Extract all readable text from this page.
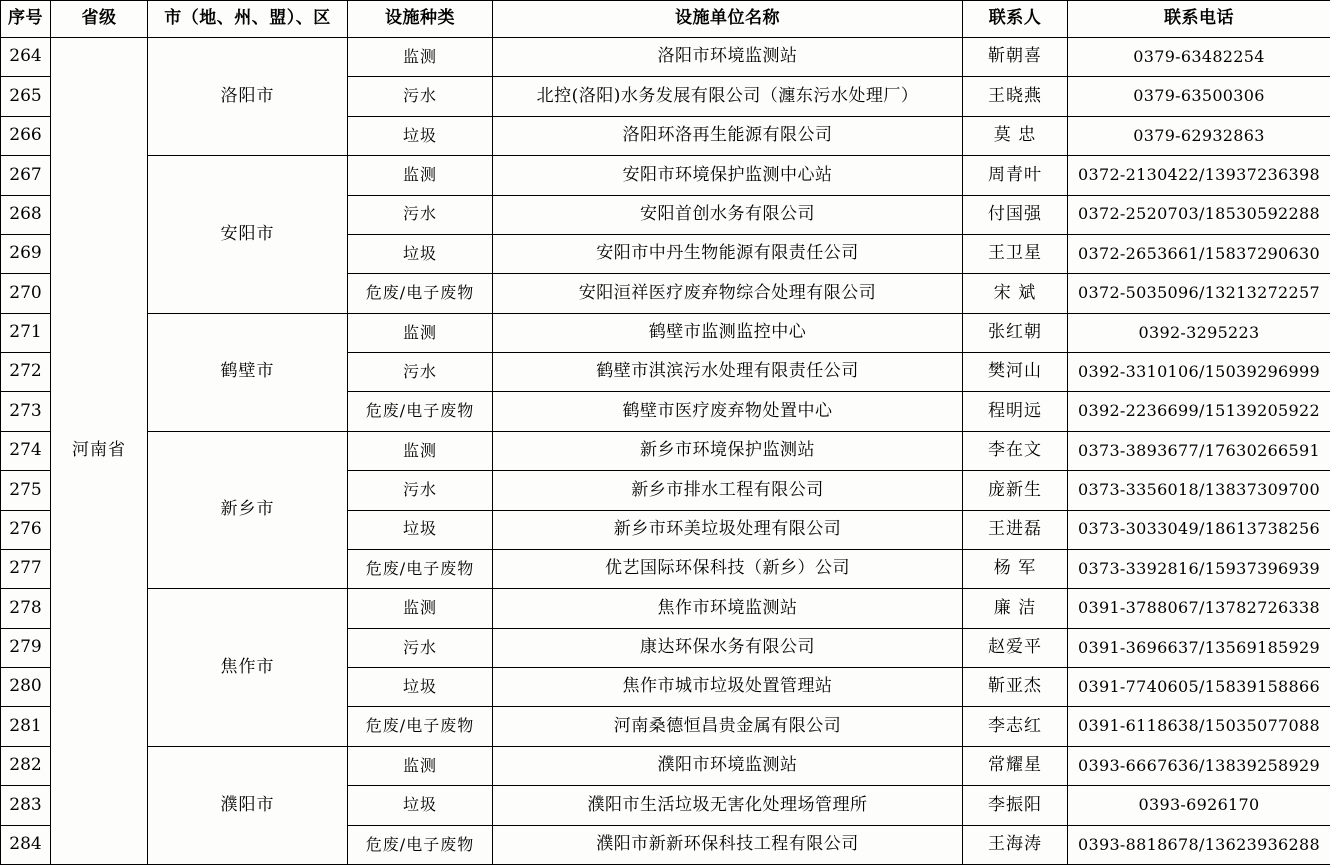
序号	省级	市（地、州、盟）、区	设施种类	设施单位名称	联系人	联系电话
264	河南省	洛阳市	监测	洛阳市环境监测站	靳朝喜	0379-63482254
265			污水	北控(洛阳)水务发展有限公司（瀍东污水处理厂）	王晓燕	0379-63500306
266			垃圾	洛阳环洛再生能源有限公司	莫 忠	0379-62932863
267		安阳市	监测	安阳市环境保护监测中心站	周青叶	0372-2130422/13937236398
268			污水	安阳首创水务有限公司	付国强	0372-2520703/18530592288
269			垃圾	安阳市中丹生物能源有限责任公司	王卫星	0372-2653661/15837290630
270			危废/电子废物	安阳洹祥医疗废弃物综合处理有限公司	宋 斌	0372-5035096/13213272257
271		鹤壁市	监测	鹤壁市监测监控中心	张红朝	0392-3295223
272			污水	鹤壁市淇滨污水处理有限责任公司	樊河山	0392-3310106/15039296999
273			危废/电子废物	鹤壁市医疗废弃物处置中心	程明远	0392-2236699/15139205922
274		新乡市	监测	新乡市环境保护监测站	李在文	0373-3893677/17630266591
275			污水	新乡市排水工程有限公司	庞新生	0373-3356018/13837309700
276			垃圾	新乡市环美垃圾处理有限公司	王进磊	0373-3033049/18613738256
277			危废/电子废物	优艺国际环保科技（新乡）公司	杨 军	0373-3392816/15937396939
278		焦作市	监测	焦作市环境监测站	廉 洁	0391-3788067/13782726338
279			污水	康达环保水务有限公司	赵爱平	0391-3696637/13569185929
280			垃圾	焦作市城市垃圾处置管理站	靳亚杰	0391-7740605/15839158866
281			危废/电子废物	河南桑德恒昌贵金属有限公司	李志红	0391-6118638/15035077088
282		濮阳市	监测	濮阳市环境监测站	常耀星	0393-6667636/13839258929
283			垃圾	濮阳市生活垃圾无害化处理场管理所	李振阳	0393-6926170
284			危废/电子废物	濮阳市新新环保科技工程有限公司	王海涛	0393-8818678/13623936288
